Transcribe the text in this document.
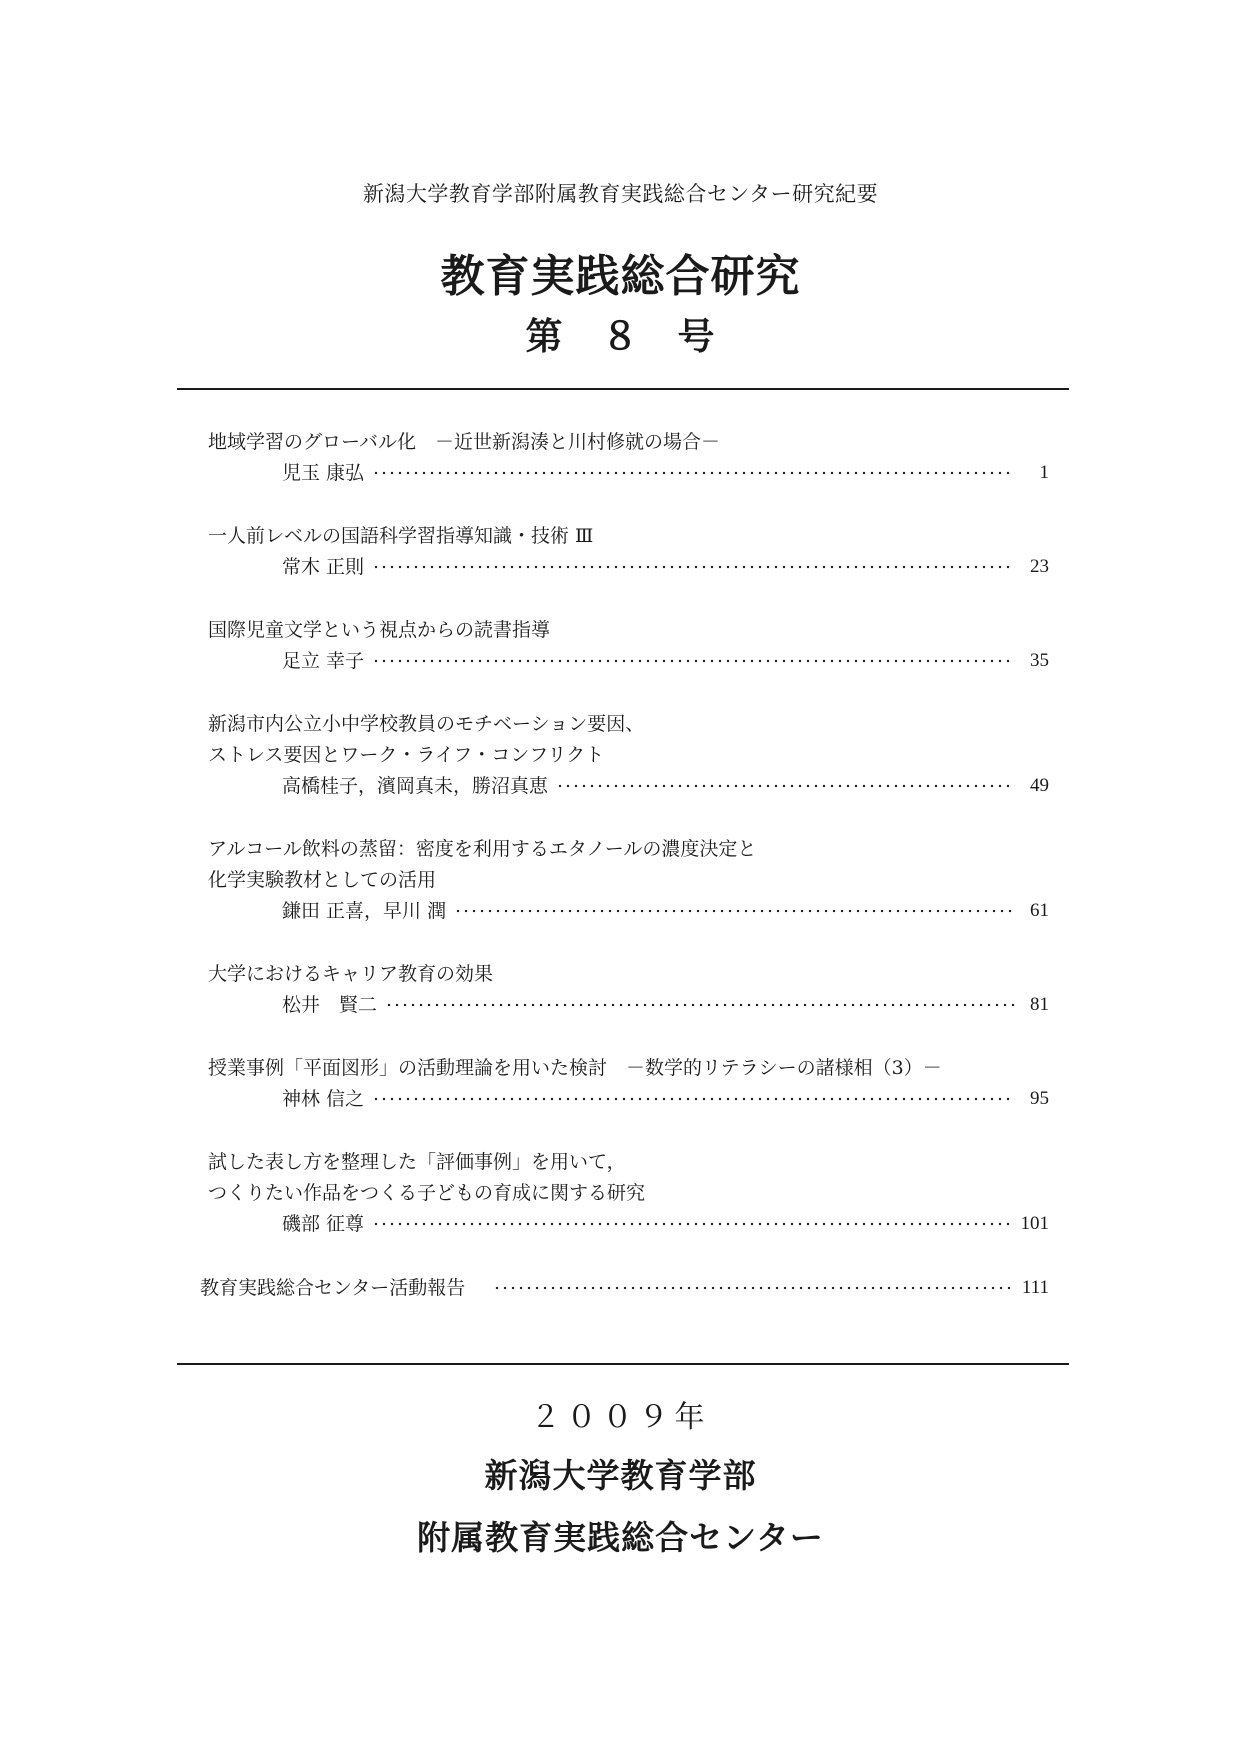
新潟大学教育学部附属教育実践総合センター研究紀要
教育実践総合研究
第　８　号
地域学習のグローバル化　－近世新潟湊と川村修就の場合－
児玉 康弘	1
一人前レベルの国語科学習指導知識・技術 Ⅲ
常木 正則	23
国際児童文学という視点からの読書指導
足立 幸子	35
新潟市内公立小中学校教員のモチベーション要因、
ストレス要因とワーク・ライフ・コンフリクト
高橋桂子，濱岡真未，勝沼真恵	49
アルコール飲料の蒸留：密度を利用するエタノールの濃度決定と
化学実験教材としての活用
鎌田 正喜，早川 潤	61
大学におけるキャリア教育の効果
松井　賢二	81
授業事例「平面図形」の活動理論を用いた検討　－数学的リテラシーの諸様相（3）－
神林 信之	95
試した表し方を整理した「評価事例」を用いて，
つくりたい作品をつくる子どもの育成に関する研究
磯部 征尊	101
教育実践総合センター活動報告	111
２００９年
新潟大学教育学部
附属教育実践総合センター
